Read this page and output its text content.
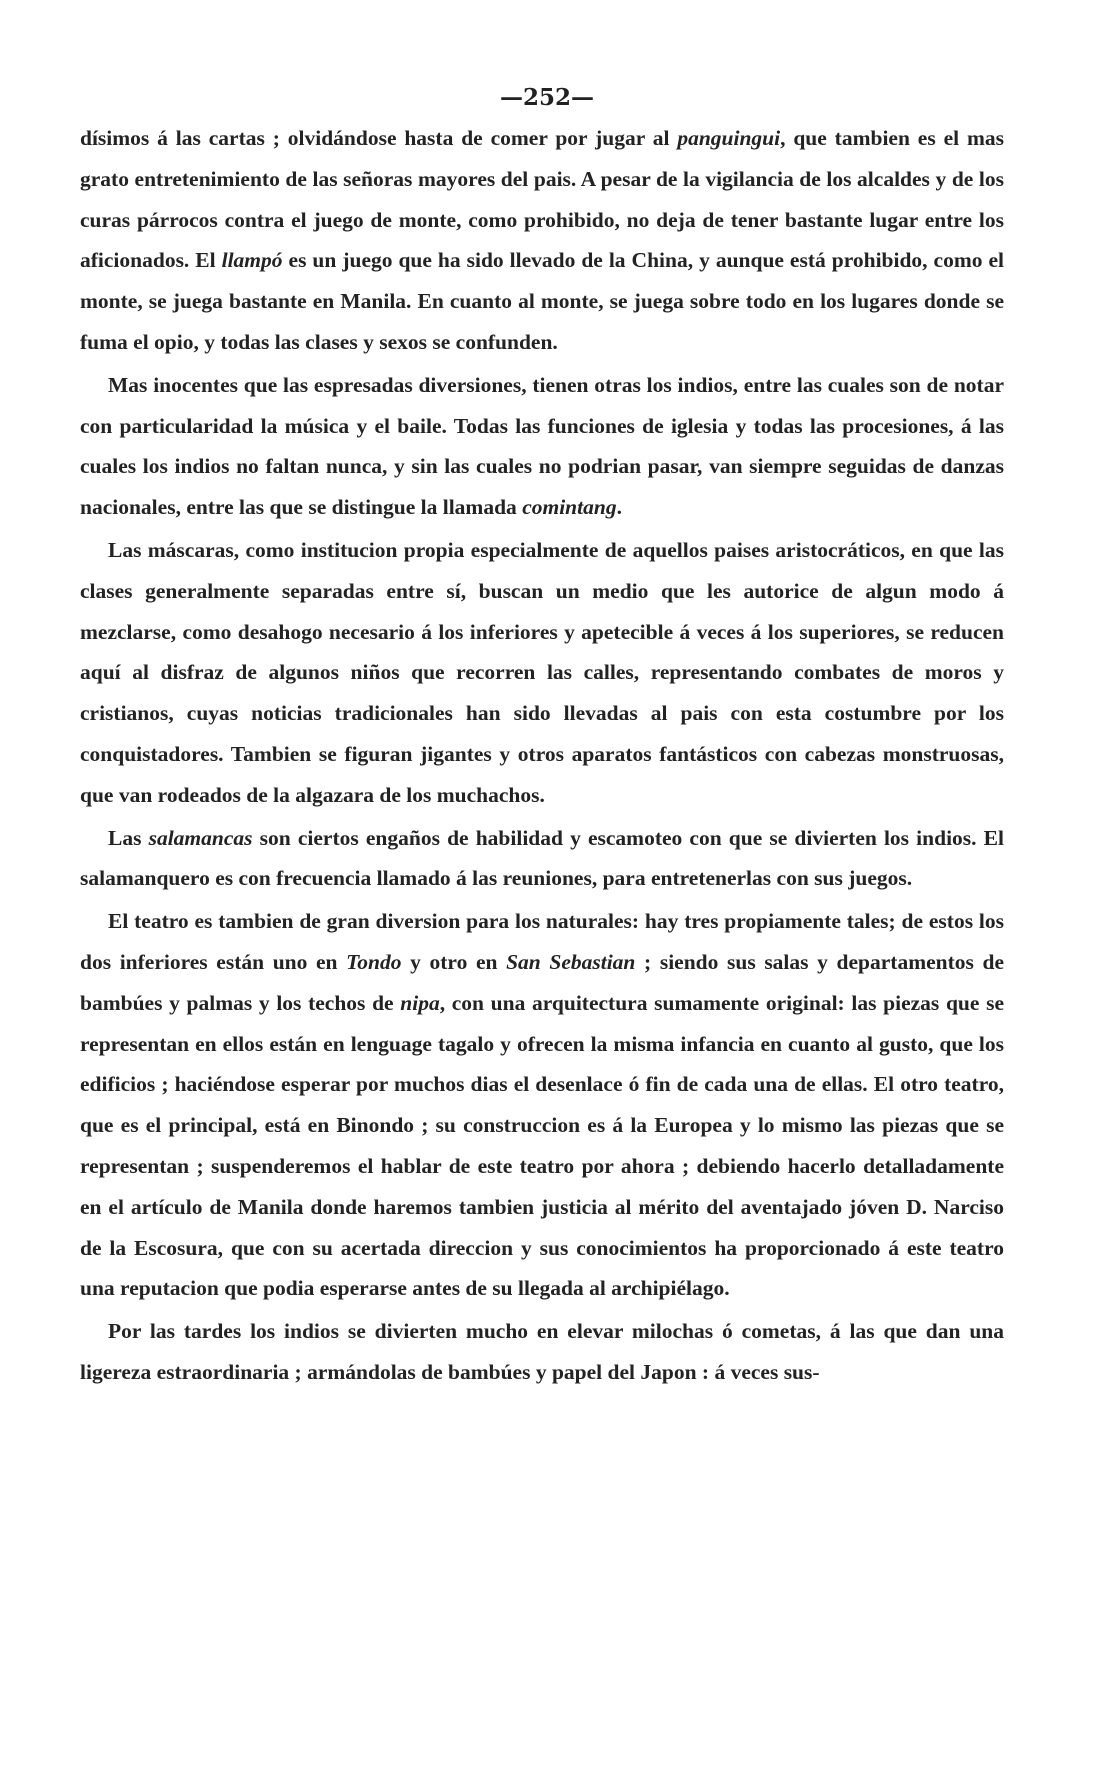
—252—

dísimos á las cartas ; olvidándose hasta de comer por jugar al panguingui, que tambien es el mas grato entretenimiento de las señoras mayores del pais. A pesar de la vigilancia de los alcaldes y de los curas párrocos contra el juego de monte, como prohibido, no deja de tener bastante lugar entre los aficionados. El llampó es un juego que ha sido llevado de la China, y aunque está prohibido, como el monte, se juega bastante en Manila. En cuanto al monte, se juega sobre todo en los lugares donde se fuma el opio, y todas las clases y sexos se confunden.

Mas inocentes que las espresadas diversiones, tienen otras los indios, entre las cuales son de notar con particularidad la música y el baile. Todas las funciones de iglesia y todas las procesiones, á las cuales los indios no faltan nunca, y sin las cuales no podrian pasar, van siempre seguidas de danzas nacionales, entre las que se distingue la llamada comintang.

Las máscaras, como institucion propia especialmente de aquellos paises aristocráticos, en que las clases generalmente separadas entre sí, buscan un medio que les autorice de algun modo á mezclarse, como desahogo necesario á los inferiores y apetecible á veces á los superiores, se reducen aquí al disfraz de algunos niños que recorren las calles, representando combates de moros y cristianos, cuyas noticias tradicionales han sido llevadas al pais con esta costumbre por los conquistadores. Tambien se figuran jigantes y otros aparatos fantásticos con cabezas monstruosas, que van rodeados de la algazara de los muchachos.

Las salamancas son ciertos engaños de habilidad y escamoteo con que se divierten los indios. El salamanquero es con frecuencia llamado á las reuniones, para entretenerlas con sus juegos.

El teatro es tambien de gran diversion para los naturales: hay tres propiamente tales; de estos los dos inferiores están uno en Tondo y otro en San Sebastian ; siendo sus salas y departamentos de bambúes y palmas y los techos de nipa, con una arquitectura sumamente original: las piezas que se representan en ellos están en lenguage tagalo y ofrecen la misma infancia en cuanto al gusto, que los edificios ; haciéndose esperar por muchos dias el desenlace ó fin de cada una de ellas. El otro teatro, que es el principal, está en Binondo ; su construccion es á la Europea y lo mismo las piezas que se representan ; suspenderemos el hablar de este teatro por ahora ; debiendo hacerlo detalladamente en el artículo de Manila donde haremos tambien justicia al mérito del aventajado jóven D. Narciso de la Escosura, que con su acertada direccion y sus conocimientos ha proporcionado á este teatro una reputacion que podia esperarse antes de su llegada al archipiélago.

Por las tardes los indios se divierten mucho en elevar milochas ó cometas, á las que dan una ligereza estraordinaria ; armándolas de bambúes y papel del Japon : á veces sus-
